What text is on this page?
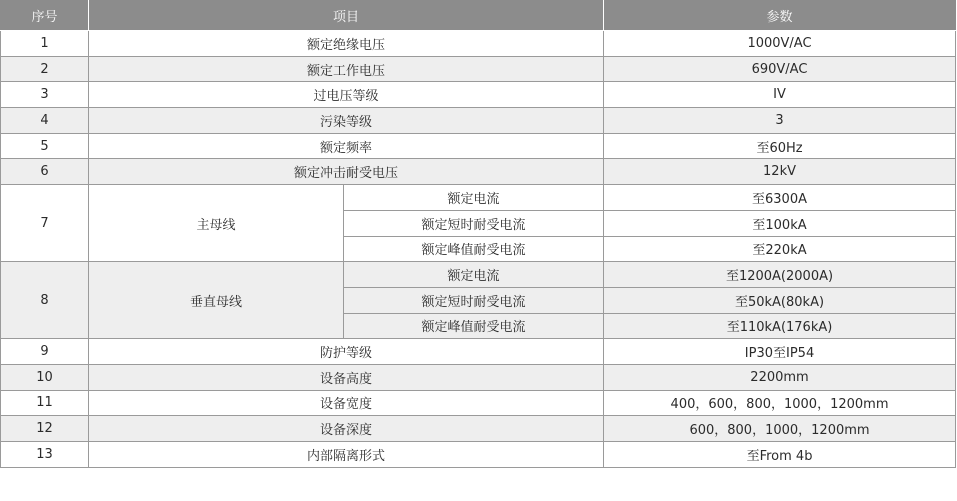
序号	项目		参数
1	额定绝缘电压		1000V/AC
2	额定工作电压		690V/AC
3	过电压等级		IV
4	污染等级		3
5	额定频率		至60Hz
6	额定冲击耐受电压		12kV
7	主母线	额定电流	至6300A
		额定短时耐受电流	至100kA
		额定峰值耐受电流	至220kA
8	垂直母线	额定电流	至1200A(2000A)
		额定短时耐受电流	至50kA(80kA)
		额定峰值耐受电流	至110kA(176kA)
9	防护等级		IP30至IP54
10	设备高度		2200mm
11	设备宽度		400，600，800，1000，1200mm
12	设备深度		600，800，1000，1200mm
13	内部隔离形式		至From 4b
